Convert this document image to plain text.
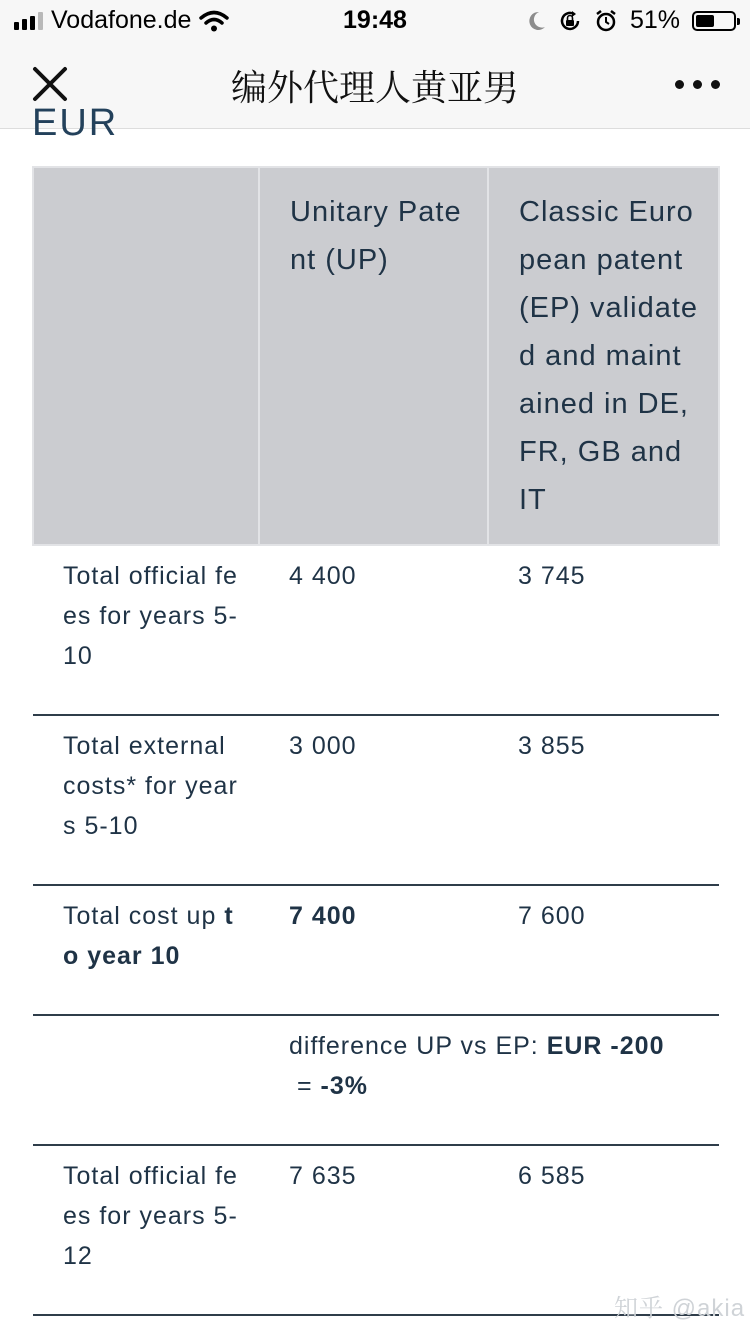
Vodafone.de	19:48	51%
编外代理人黄亚男
EUR
	Unitary Patent (UP)	Classic European patent (EP) validated and maintained in DE, FR, GB and IT
Total official fees for years 5-10	4 400	3 745
Total external costs* for years 5-10	3 000	3 855
Total cost up to year 10	7 400	7 600
	difference UP vs EP: EUR -200
= -3%	
Total official fees for years 5-12	7 635	6 585
知乎 @akia
